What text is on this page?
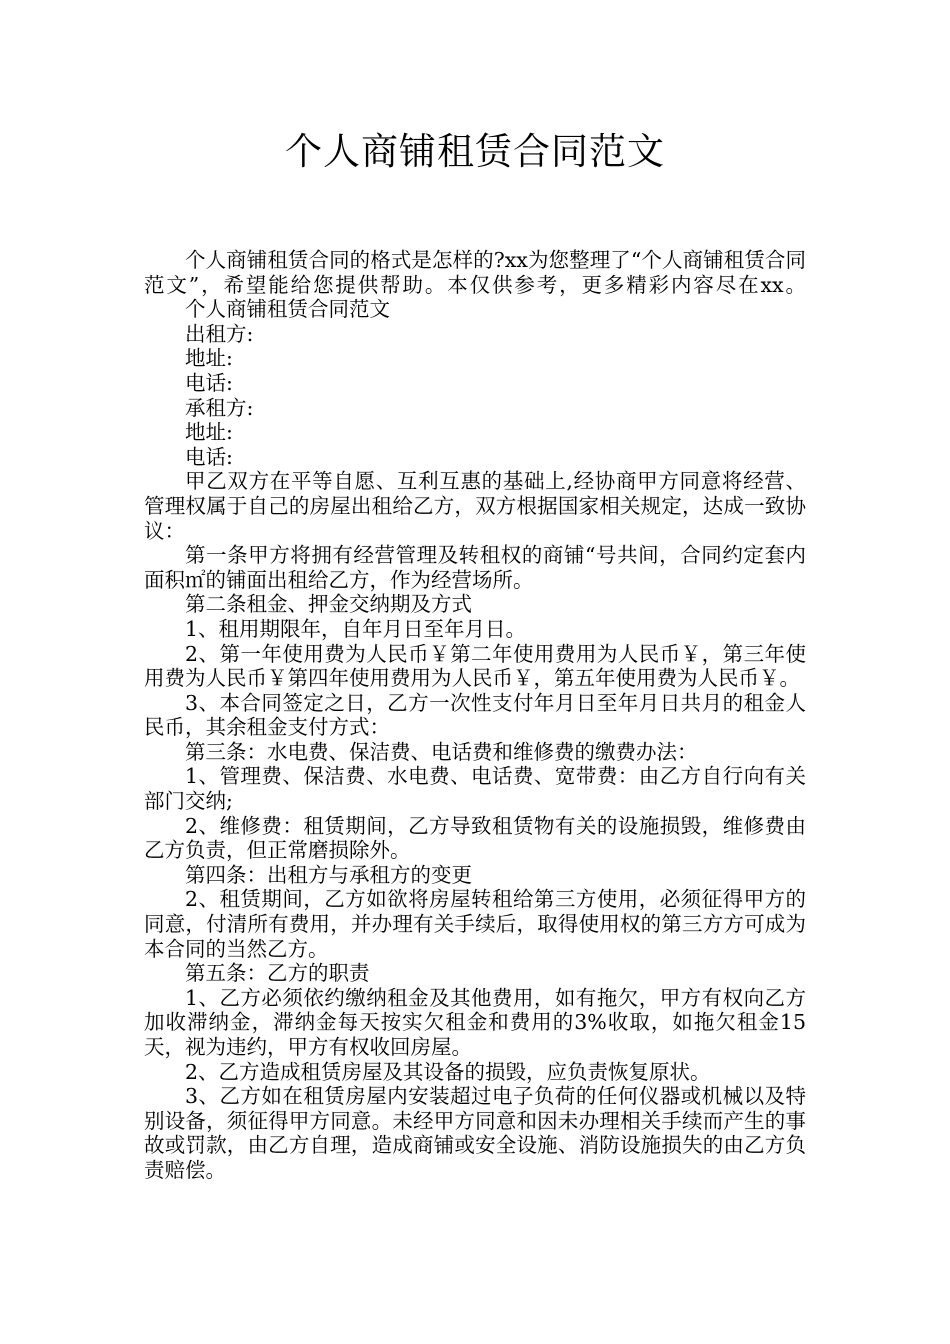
个人商铺租赁合同范文

个人商铺租赁合同的格式是怎样的?xx为您整理了“个人商铺租赁合同范文”，希望能给您提供帮助。本仅供参考，更多精彩内容尽在xx。个人商铺租赁合同范文

出租方:

地址:

电话:

承租方:

地址:

电话:

甲乙双方在平等自愿、互利互惠的基础上,经协商甲方同意将经营、管理权属于自己的房屋出租给乙方，双方根据国家相关规定，达成一致协议：

第一条甲方将拥有经营管理及转租权的商铺“号共间，合同约定套内面积㎡的铺面出租给乙方，作为经营场所。

第二条租金、押金交纳期及方式

1、租用期限年，自年月日至年月日。

2、第一年使用费为人民币￥第二年使用费用为人民币￥，第三年使用费为人民币￥第四年使用费用为人民币￥，第五年使用费为人民币￥。

3、本合同签定之日，乙方一次性支付年月日至年月日共月的租金人民币，其余租金支付方式：

第三条：水电费、保洁费、电话费和维修费的缴费办法：

1、管理费、保洁费、水电费、电话费、宽带费：由乙方自行向有关部门交纳;

2、维修费：租赁期间，乙方导致租赁物有关的设施损毁，维修费由乙方负责，但正常磨损除外。

第四条：出租方与承租方的变更

2、租赁期间，乙方如欲将房屋转租给第三方使用，必须征得甲方的同意，付清所有费用，并办理有关手续后，取得使用权的第三方方可成为本合同的当然乙方。

第五条：乙方的职责

1、乙方必须依约缴纳租金及其他费用，如有拖欠，甲方有权向乙方加收滞纳金，滞纳金每天按实欠租金和费用的3%收取，如拖欠租金15天，视为违约，甲方有权收回房屋。

2、乙方造成租赁房屋及其设备的损毁，应负责恢复原状。

3、乙方如在租赁房屋内安装超过电子负荷的任何仪器或机械以及特别设备，须征得甲方同意。未经甲方同意和因未办理相关手续而产生的事故或罚款，由乙方自理，造成商铺或安全设施、消防设施损失的由乙方负责赔偿。
